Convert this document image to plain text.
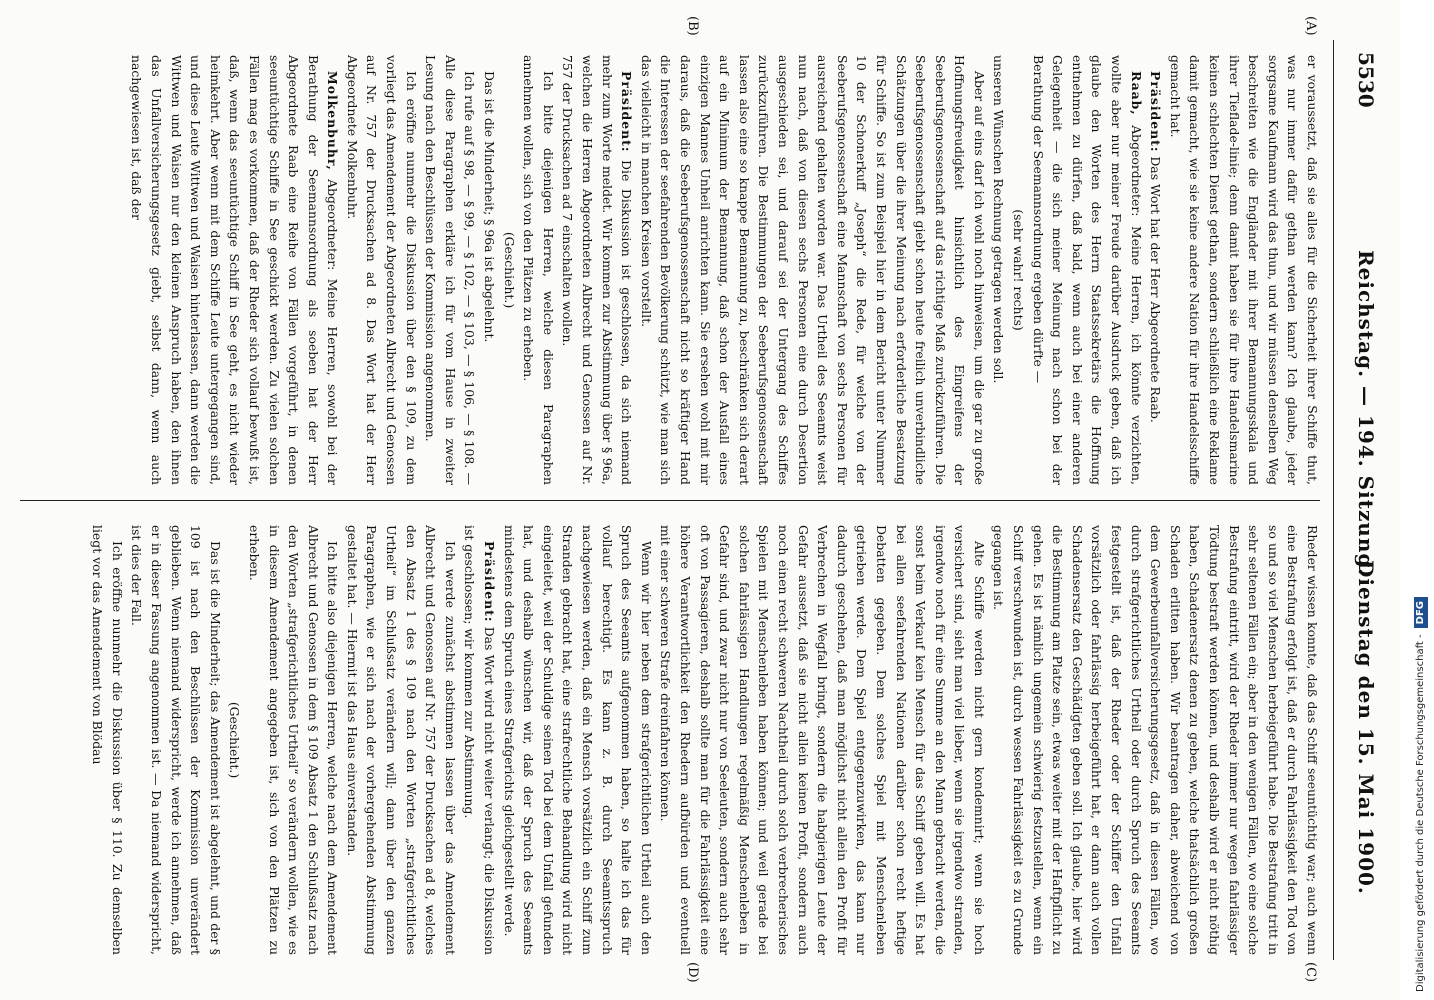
5530
Reichstag. — 194. Sitzung.
Dienstag den 15. Mai 1900.
(A)
(B)
(C)
(D)

er voraussetzt, daß sie alles für die Sicherheit ihrer Schiffe thut, was nur immer dafür gethan werden kann? Ich glaube, jeder sorgsame Kaufmann wird das thun, und wir müssen denselben Weg beschreiten wie die Engländer mit ihrer Bemannungsskala und ihrer Tieflade-linie; denn damit haben sie für ihre Handelsmarine keinen schlechten Dienst gethan, sondern schließlich eine Reklame damit gemacht, wie sie keine andere Nation für ihre Handelsschiffe gemacht hat.

Präsident: Das Wort hat der Herr Abgeordnete Raab.

Raab, Abgeordneter: Meine Herren, ich könnte verzichten, wollte aber nur meiner Freude darüber Ausdruck geben, daß ich glaube den Worten des Herrn Staatssekretärs die Hoffnung entnehmen zu dürfen, daß bald, wenn auch bei einer anderen Gelegenheit — die sich meiner Meinung nach schon bei der Berathung der Seemannsordnung ergeben dürfte —

(sehr wahr! rechts)

unseren Wünschen Rechnung getragen werden soll.

Aber auf eins darf ich wohl noch hinweisen, um die gar zu große Hoffnungsfreudigkeit hinsichtlich des Eingreifens der Seeberufsgenossenschaft auf das richtige Maß zurückzuführen. Die Seeberufsgenossenschaft giebt schon heute freilich unverbindliche Schätzungen über die ihrer Meinung nach erforderliche Besatzung für Schiffe. So ist zum Beispiel hier in dem Bericht unter Nummer 10 der Schonerkuff „Joseph“ die Rede, für welche von der Seeberufsgenossenschaft eine Mannschaft von sechs Personen für ausreichend gehalten worden war. Das Urtheil des Seeamts weist nun nach, daß von diesen sechs Personen eine durch Desertion ausgeschieden sei, und darauf sei der Untergang des Schiffes zurückzuführen. Die Bestimmungen der Seeberufsgenossenschaft lassen also eine so knappe Bemannung zu, beschränken sich derart auf ein Minimum der Bemannung, daß schon der Ausfall eines einzigen Mannes Unheil anrichten kann. Sie ersehen wohl mit mir daraus, daß die Seeberufsgenossenschaft nicht so kräftiger Hand die Interessen der seefahrenden Bevölkerung schützt, wie man sich das vielleicht in manchen Kreisen vorstellt.

Präsident: Die Diskussion ist geschlossen, da sich niemand mehr zum Worte meldet. Wir kommen zur Abstimmung über § 96a, welchen die Herren Abgeordneten Albrecht und Genossen auf Nr. 757 der Drucksachen ad 7 einschalten wollen.

Ich bitte diejenigen Herren, welche diesen Paragraphen annehmen wollen, sich von den Plätzen zu erheben.

(Geschieht.)

Das ist die Minderheit; § 96a ist abgelehnt.

Ich rufe auf § 98, — § 99, — § 102, — § 103, — § 106, — § 108. — Alle diese Paragraphen erkläre ich für vom Hause in zweiter Lesung nach den Beschlüssen der Kommission angenommen.

Ich eröffne nunmehr die Diskussion über den § 109, zu dem vorliegt das Amendement der Abgeordneten Albrecht und Genossen auf Nr. 757 der Drucksachen ad 8. Das Wort hat der Herr Abgeordnete Molkenbuhr.

Molkenbuhr, Abgeordneter: Meine Herren, sowohl bei der Berathung der Seemannsordnung als soeben hat der Herr Abgeordnete Raab eine Reihe von Fällen vorgeführt, in denen seeuntüchtige Schiffe in See geschickt werden. Zu vielen solchen Fällen mag es vorkommen, daß der Rheder sich vollauf bewußt ist, daß, wenn das seeuntüchtige Schiff in See geht, es nicht wieder heimkehrt. Aber wenn mit dem Schiffe Leute untergegangen sind, und diese Leute Wittwen und Waisen hinterlassen, dann werden die Wittwen und Waisen nur den kleinen Anspruch haben, den ihnen das Unfallversicherungsgesetz giebt, selbst dann, wenn auch nachgewiesen ist, daß der

Rheder wissen konnte, daß das Schiff seeuntüchtig war; auch wenn eine Bestrafung erfolgt ist, daß er durch Fahrlässigkeit den Tod von so und so viel Menschen herbeigeführt habe. Die Bestrafung tritt in sehr seltenen Fällen ein; aber in den wenigen Fällen, wo eine solche Bestrafung eintritt, wird der Rheder immer nur wegen fahrlässiger Tödtung bestraft werden können, und deshalb wird er nicht nöthig haben, Schadenersatz denen zu geben, welche thatsächlich großen Schaden erlitten haben. Wir beantragen daher, abweichend von dem Gewerbeunfallversicherungsgesetz, daß in diesen Fällen, wo durch strafgerichtliches Urtheil oder durch Spruch des Seeamts festgestellt ist, daß der Rheder oder der Schiffer den Unfall vorsätzlich oder fahrlässig herbeigeführt hat, er dann auch vollen Schadensersatz den Geschädigten geben soll. Ich glaube, hier wird die Bestimmung am Platze sein, etwas weiter mit der Haftpflicht zu gehen. Es ist nämlich ungemein schwierig festzustellen, wenn ein Schiff verschwunden ist, durch wessen Fahrlässigkeit es zu Grunde gegangen ist.

Alte Schiffe werden nicht gern kondemnirt; wenn sie hoch versichert sind, sieht man viel lieber, wenn sie irgendwo stranden, irgendwo noch für eine Summe an den Mann gebracht werden, die sonst beim Verkauf kein Mensch für das Schiff geben will. Es hat bei allen seefahrenden Nationen darüber schon recht heftige Debatten gegeben. Dem solches Spiel mit Menschenleben getrieben werde. Dem Spiel entgegenzuwirken, das kann nur dadurch geschehen, daß man möglichst nicht allein den Profit für Verbrechen in Wegfall bringt, sondern die habgierigen Leute der Gefahr aussetzt, daß sie nicht allein keinen Profit, sondern auch noch einen recht schweren Nachtheil durch solch verbrecherisches Spielen mit Menschenleben haben können; und weil gerade bei solchen fahrlässigen Handlungen regelmäßig Menschenleben in Gefahr sind, und zwar nicht nur von Seeleuten, sondern auch sehr oft von Passagieren, deshalb sollte man für die Fahrlässigkeit eine höhere Verantwortlichkeit den Rhedern aufbürden und eventuell mit einer schweren Strafe dreinfahren können.

Wenn wir hier neben dem strafgerichtlichen Urtheil auch den Spruch des Seeamts aufgenommen haben, so halte ich das für vollauf berechtigt. Es kann z. B. durch Seeamtsspruch nachgewiesen werden, daß ein Mensch vorsätzlich ein Schiff zum Stranden gebracht hat, eine strafrechtliche Behandlung wird nicht eingeleitet, weil der Schuldige seinen Tod bei dem Unfall gefunden hat, und deshalb wünschen wir, daß der Spruch des Seeamts mindestens dem Spruch eines Strafgerichts gleichgestellt werde.

Präsident: Das Wort wird nicht weiter verlangt; die Diskussion ist geschlossen; wir kommen zur Abstimmung.

Ich werde zunächst abstimmen lassen über das Amendement Albrecht und Genossen auf Nr. 757 der Drucksachen ad 8, welches den Absatz 1 des § 109 nach den Worten „strafgerichtliches Urtheil“ im Schlußsatz verändern will; dann über den ganzen Paragraphen, wie er sich nach der vorhergehenden Abstimmung gestaltet hat. — Hiermit ist das Haus einverstanden.

Ich bitte also diejenigen Herren, welche nach dem Amendement Albrecht und Genossen in dem § 109 Absatz 1 den Schlußsatz nach den Worten „strafgerichtliches Urtheil“ so verändern wollen, wie es in diesem Amendement angegeben ist, sich von den Plätzen zu erheben.

(Geschieht.)

Das ist die Minderheit; das Amendement ist abgelehnt, und der § 109 ist nach den Beschlüssen der Kommission unverändert geblieben. Wenn niemand widerspricht, werde ich annehmen, daß er in dieser Fassung angenommen ist. — Da niemand widerspricht, ist dies der Fall.

Ich eröffne nunmehr die Diskussion über § 110. Zu demselben liegt vor das Amendement von Blödau	Digitalisierung gefördert durch die Deutsche Forschungsgemeinschaft -DFG
